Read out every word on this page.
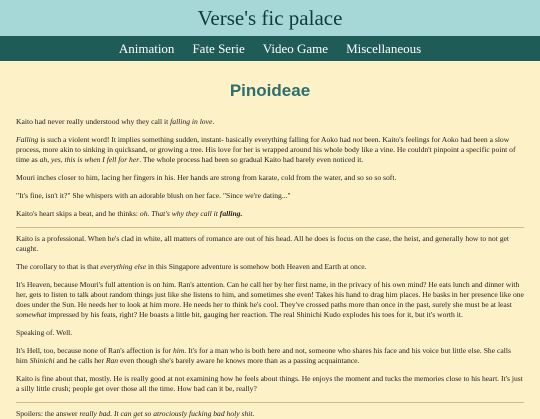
Verse's fic palace
Animation Fate Serie Video Game Miscellaneous
Pinoideae

Kaito had never really understood why they call it falling in love.

Falling is such a violent word! It implies something sudden, instant- basically everything falling for Aoko had not been. Kaito's feelings for Aoko had been a slow process, more akin to sinking in quicksand, or growing a tree. His love for her is wrapped around his whole body like a vine. He couldn't pinpoint a specific point of time as ah, yes, this is when I fell for her. The whole process had been so gradual Kaito had barely even noticed it.

Mouri inches closer to him, lacing her fingers in his. Her hands are strong from karate, cold from the water, and so so so soft.

"It's fine, isn't it?" She whispers with an adorable blush on her face. "Since we're dating..."

Kaito's heart skips a beat, and he thinks: oh. That's why they call it falling.

Kaito is a professional. When he's clad in white, all matters of romance are out of his head. All he does is focus on the case, the heist, and generally how to not get caught.

The corollary to that is that everything else in this Singapore adventure is somehow both Heaven and Earth at once.

It's Heaven, because Mouri's full attention is on him. Ran's attention. Can he call her by her first name, in the privacy of his own mind? He eats lunch and dinner with her, gets to listen to talk about random things just like she listens to him, and sometimes she even! Takes his hand to drag him places. He basks in her presence like one does under the Sun. He needs her to look at him more. He needs her to think he's cool. They've crossed paths more than once in the past, surely she must be at least somewhat impressed by his feats, right? He boasts a little bit, gauging her reaction. The real Shinichi Kudo explodes his toes for it, but it's worth it.

Speaking of. Well.

It's Hell, too, because none of Ran's affection is for him. It's for a man who is both here and not, someone who shares his face and his voice but little else. She calls him Shinichi and he calls her Ran even though she's barely aware he knows more than as a passing acquaintance.

Kaito is fine about that, mostly. He is really good at not examining how he feels about things. He enjoys the moment and tucks the memories close to his heart. It's just a silly little crush; people get over those all the time. How bad can it be, really?

Spoilers: the answer really bad. It can get so atrociously fucking bad holy shit.
